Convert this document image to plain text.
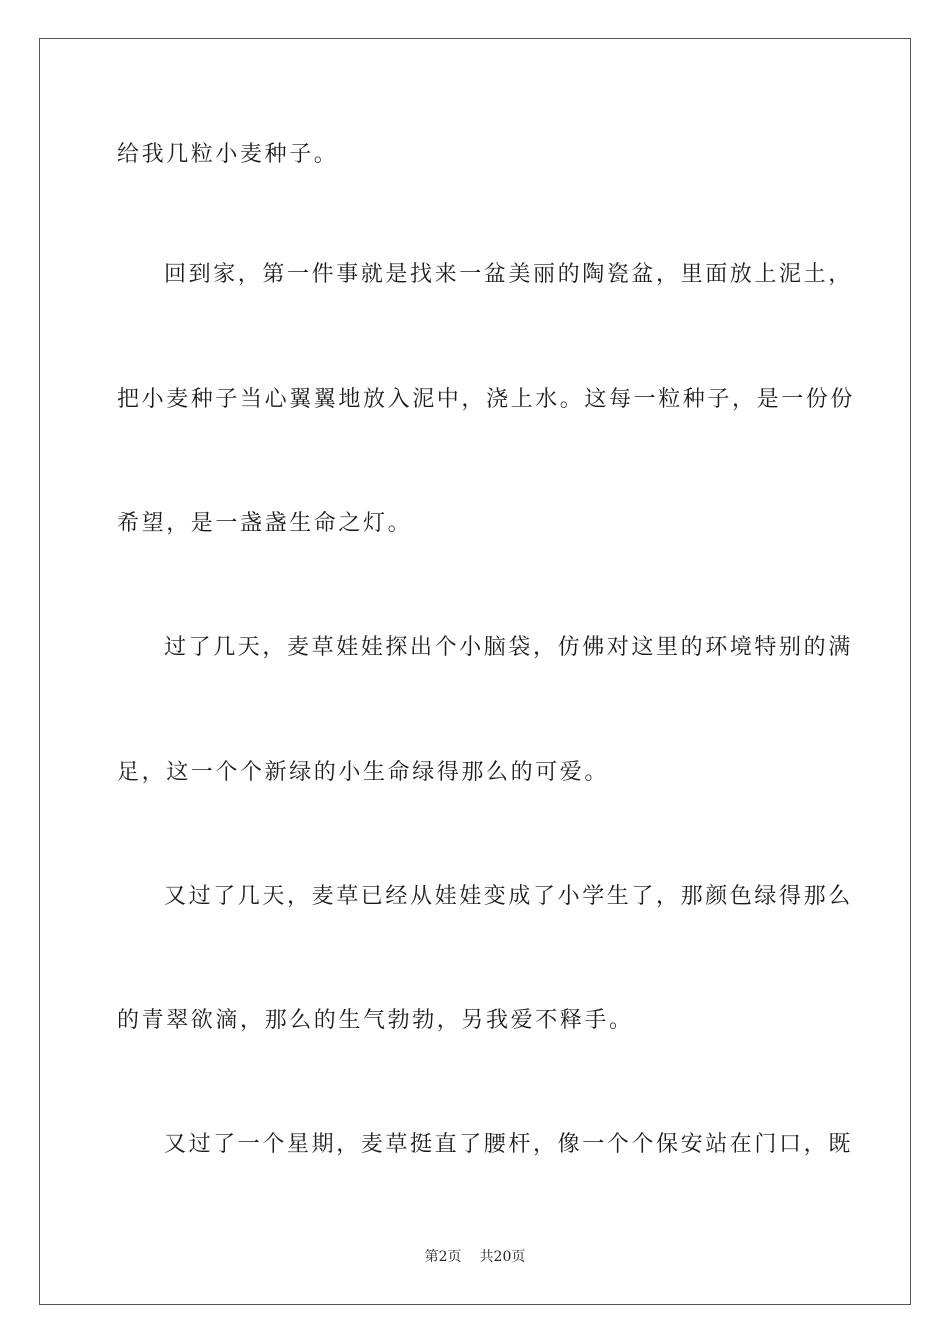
给我几粒小麦种子。
回到家，第一件事就是找来一盆美丽的陶瓷盆，里面放上泥土，
把小麦种子当心翼翼地放入泥中，浇上水。这每一粒种子，是一份份
希望，是一盏盏生命之灯。
过了几天，麦草娃娃探出个小脑袋，仿佛对这里的环境特别的满
足，这一个个新绿的小生命绿得那么的可爱。
又过了几天，麦草已经从娃娃变成了小学生了，那颜色绿得那么
的青翠欲滴，那么的生气勃勃，另我爱不释手。
又过了一个星期，麦草挺直了腰杆，像一个个保安站在门口，既
第2页 共20页
